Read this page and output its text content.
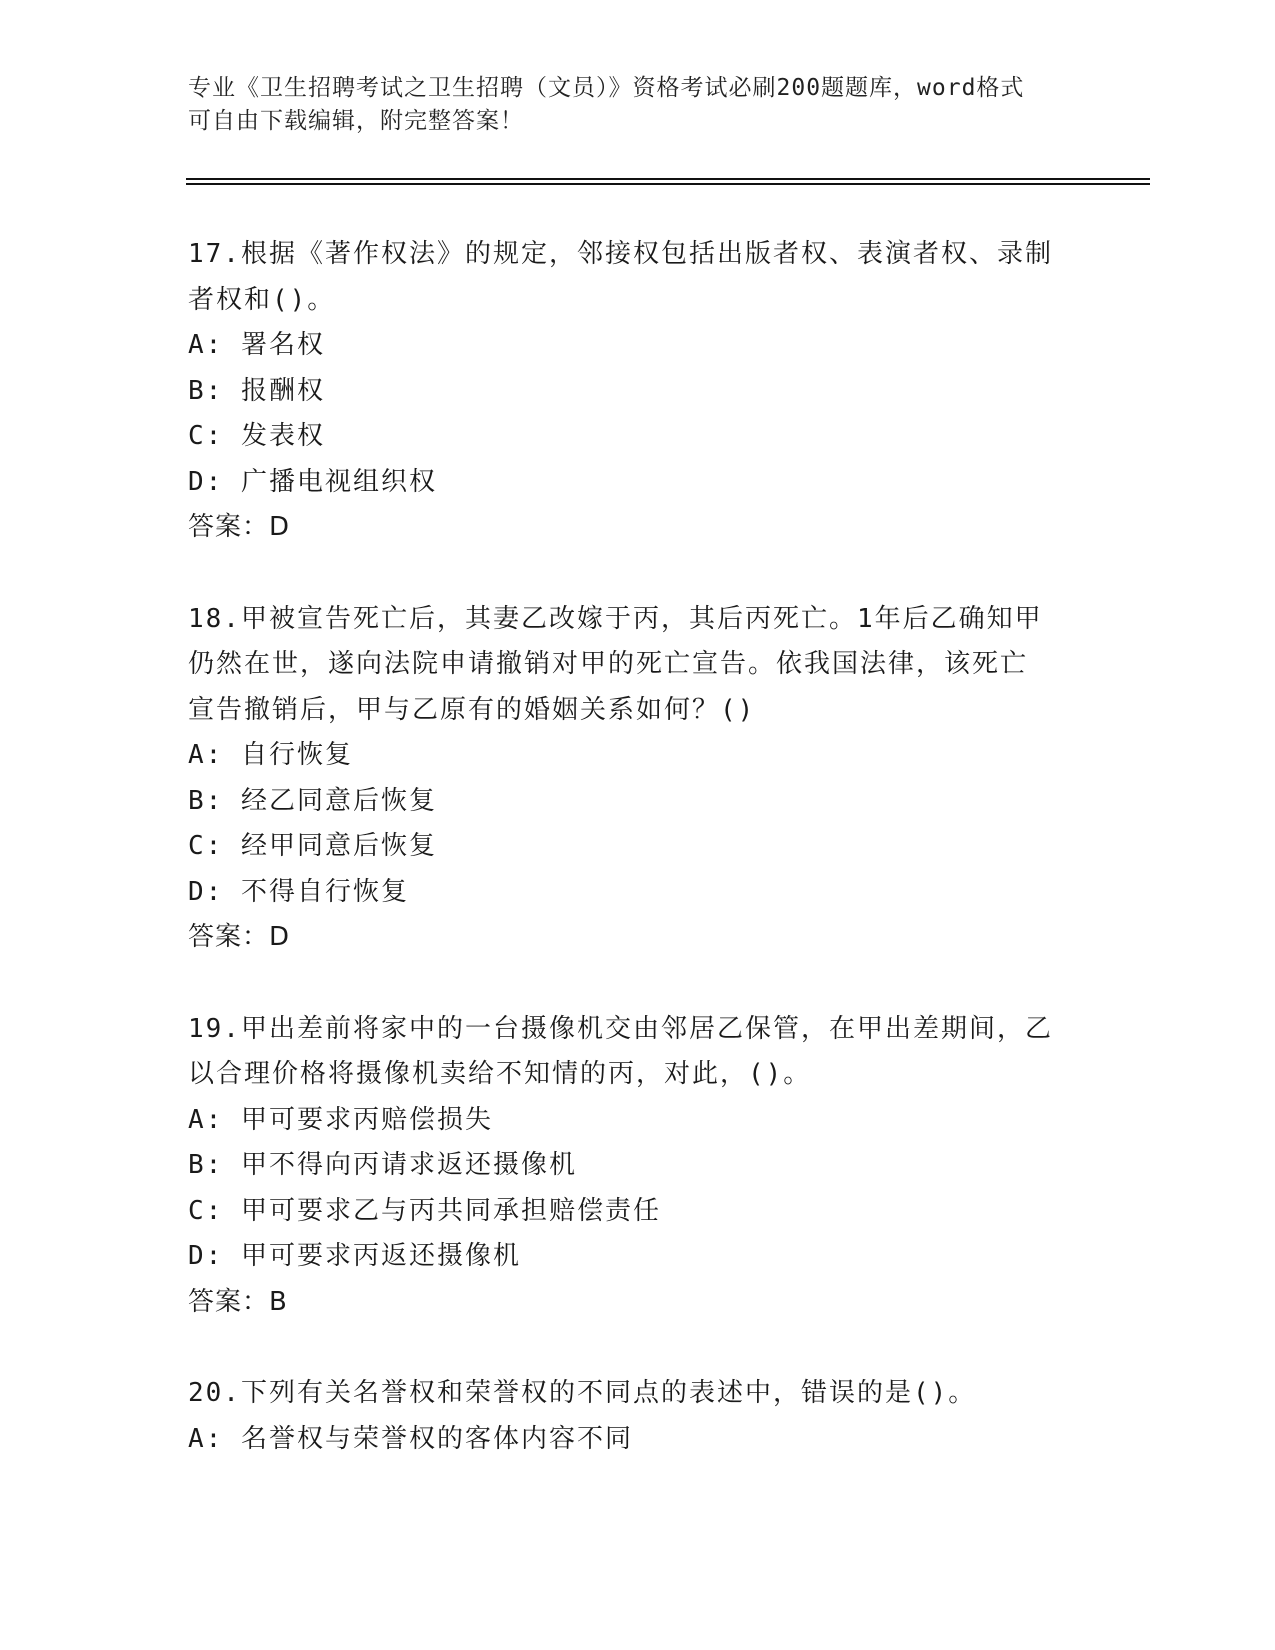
专业《卫生招聘考试之卫生招聘（文员）》资格考试必刷200题题库，word格式
可自由下载编辑，附完整答案！
17.根据《著作权法》的规定，邻接权包括出版者权、表演者权、录制
者权和()。
A: 署名权
B: 报酬权
C: 发表权
D: 广播电视组织权
答案：D
18.甲被宣告死亡后，其妻乙改嫁于丙，其后丙死亡。1年后乙确知甲
仍然在世，遂向法院申请撤销对甲的死亡宣告。依我国法律，该死亡
宣告撤销后，甲与乙原有的婚姻关系如何？()
A: 自行恢复
B: 经乙同意后恢复
C: 经甲同意后恢复
D: 不得自行恢复
答案：D
19.甲出差前将家中的一台摄像机交由邻居乙保管，在甲出差期间，乙
以合理价格将摄像机卖给不知情的丙，对此，()。
A: 甲可要求丙赔偿损失
B: 甲不得向丙请求返还摄像机
C: 甲可要求乙与丙共同承担赔偿责任
D: 甲可要求丙返还摄像机
答案：B
20.下列有关名誉权和荣誉权的不同点的表述中，错误的是()。
A: 名誉权与荣誉权的客体内容不同
